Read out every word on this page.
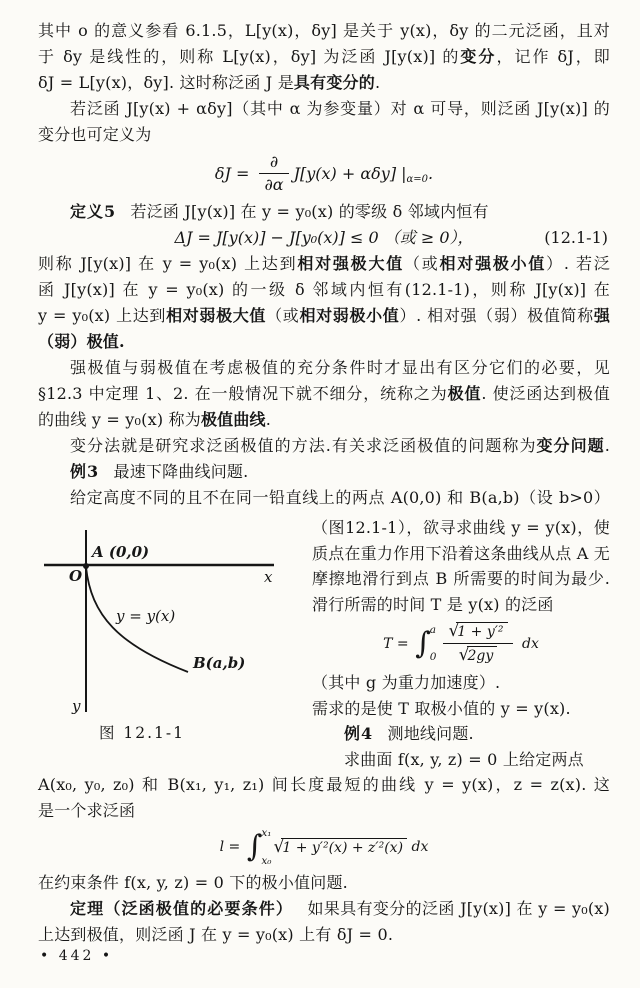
其中 o 的意义参看 6.1.5，L[y(x)，δy] 是关于 y(x)，δy 的二元泛函，且对

于 δy 是线性的，则称 L[y(x)，δy] 为泛函 J[y(x)] 的变分，记作 δJ，即

δJ = L[y(x)，δy]. 这时称泛函 J 是具有变分的.

若泛函 J[y(x) + αδy]（其中 α 为参变量）对 α 可导，则泛函 J[y(x)] 的

变分也可定义为

$\delta J = \frac{\partial}{\partial\alpha} J[y(x) + \alpha\delta y]$ | α=0 .

定义5 若泛函 J[y(x)] 在 y = y₀(x) 的零级 δ 邻域内恒有

ΔJ = J[y(x)] − J[y₀(x)] ≤ 0 （或 ≥ 0），	(12.1-1)

则称 J[y(x)] 在 y = y₀(x) 上达到相对强极大值（或相对强极小值）. 若泛

函 J[y(x)] 在 y = y₀(x) 的一级 δ 邻域内恒有(12.1-1)，则称 J[y(x)] 在

y = y₀(x) 上达到相对弱极大值（或相对弱极小值）. 相对强（弱）极值简称强

（弱）极值.

强极值与弱极值在考虑极值的充分条件时才显出有区分它们的必要，见

§12.3 中定理 1、2. 在一般情况下就不细分，统称之为极值. 使泛函达到极值

的曲线 y = y₀(x) 称为极值曲线.

变分法就是研究求泛函极值的方法.有关求泛函极值的问题称为变分问题.

例3 最速下降曲线问题.

给定高度不同的且不在同一铅直线上的两点 A(0,0) 和 B(a,b)（设 b>0）

A (0,0)
O	x
y = y(x)
B(a,b)
y
图 12.1-1

（图12.1-1），欲寻求曲线 y = y(x)，使

质点在重力作用下沿着这条曲线从点 A 无

摩擦地滑行到点 B 所需要的时间为最少.

滑行所需的时间 T 是 y(x) 的泛函

T = ∫ a
$0 \frac{\text{√1 + y′²}}{√2gy}$ dx

（其中 g 为重力加速度）.

需求的是使 T 取极小值的 y = y(x).

例4 测地线问题.

求曲面 f(x, y, z) = 0 上给定两点

A(x₀, y₀, z₀) 和 B(x₁, y₁, z₁) 间长度最短的曲线 y = y(x)，z = z(x). 这

是一个求泛函

l = ∫ x₁
x₀
√1 + y′²(x) + z′²(x) dx

在约束条件 f(x, y, z) = 0 下的极小值问题.

定理（泛函极值的必要条件） 如果具有变分的泛函 J[y(x)] 在 y = y₀(x)

上达到极值，则泛函 J 在 y = y₀(x) 上有 δJ = 0.

• 442 •
